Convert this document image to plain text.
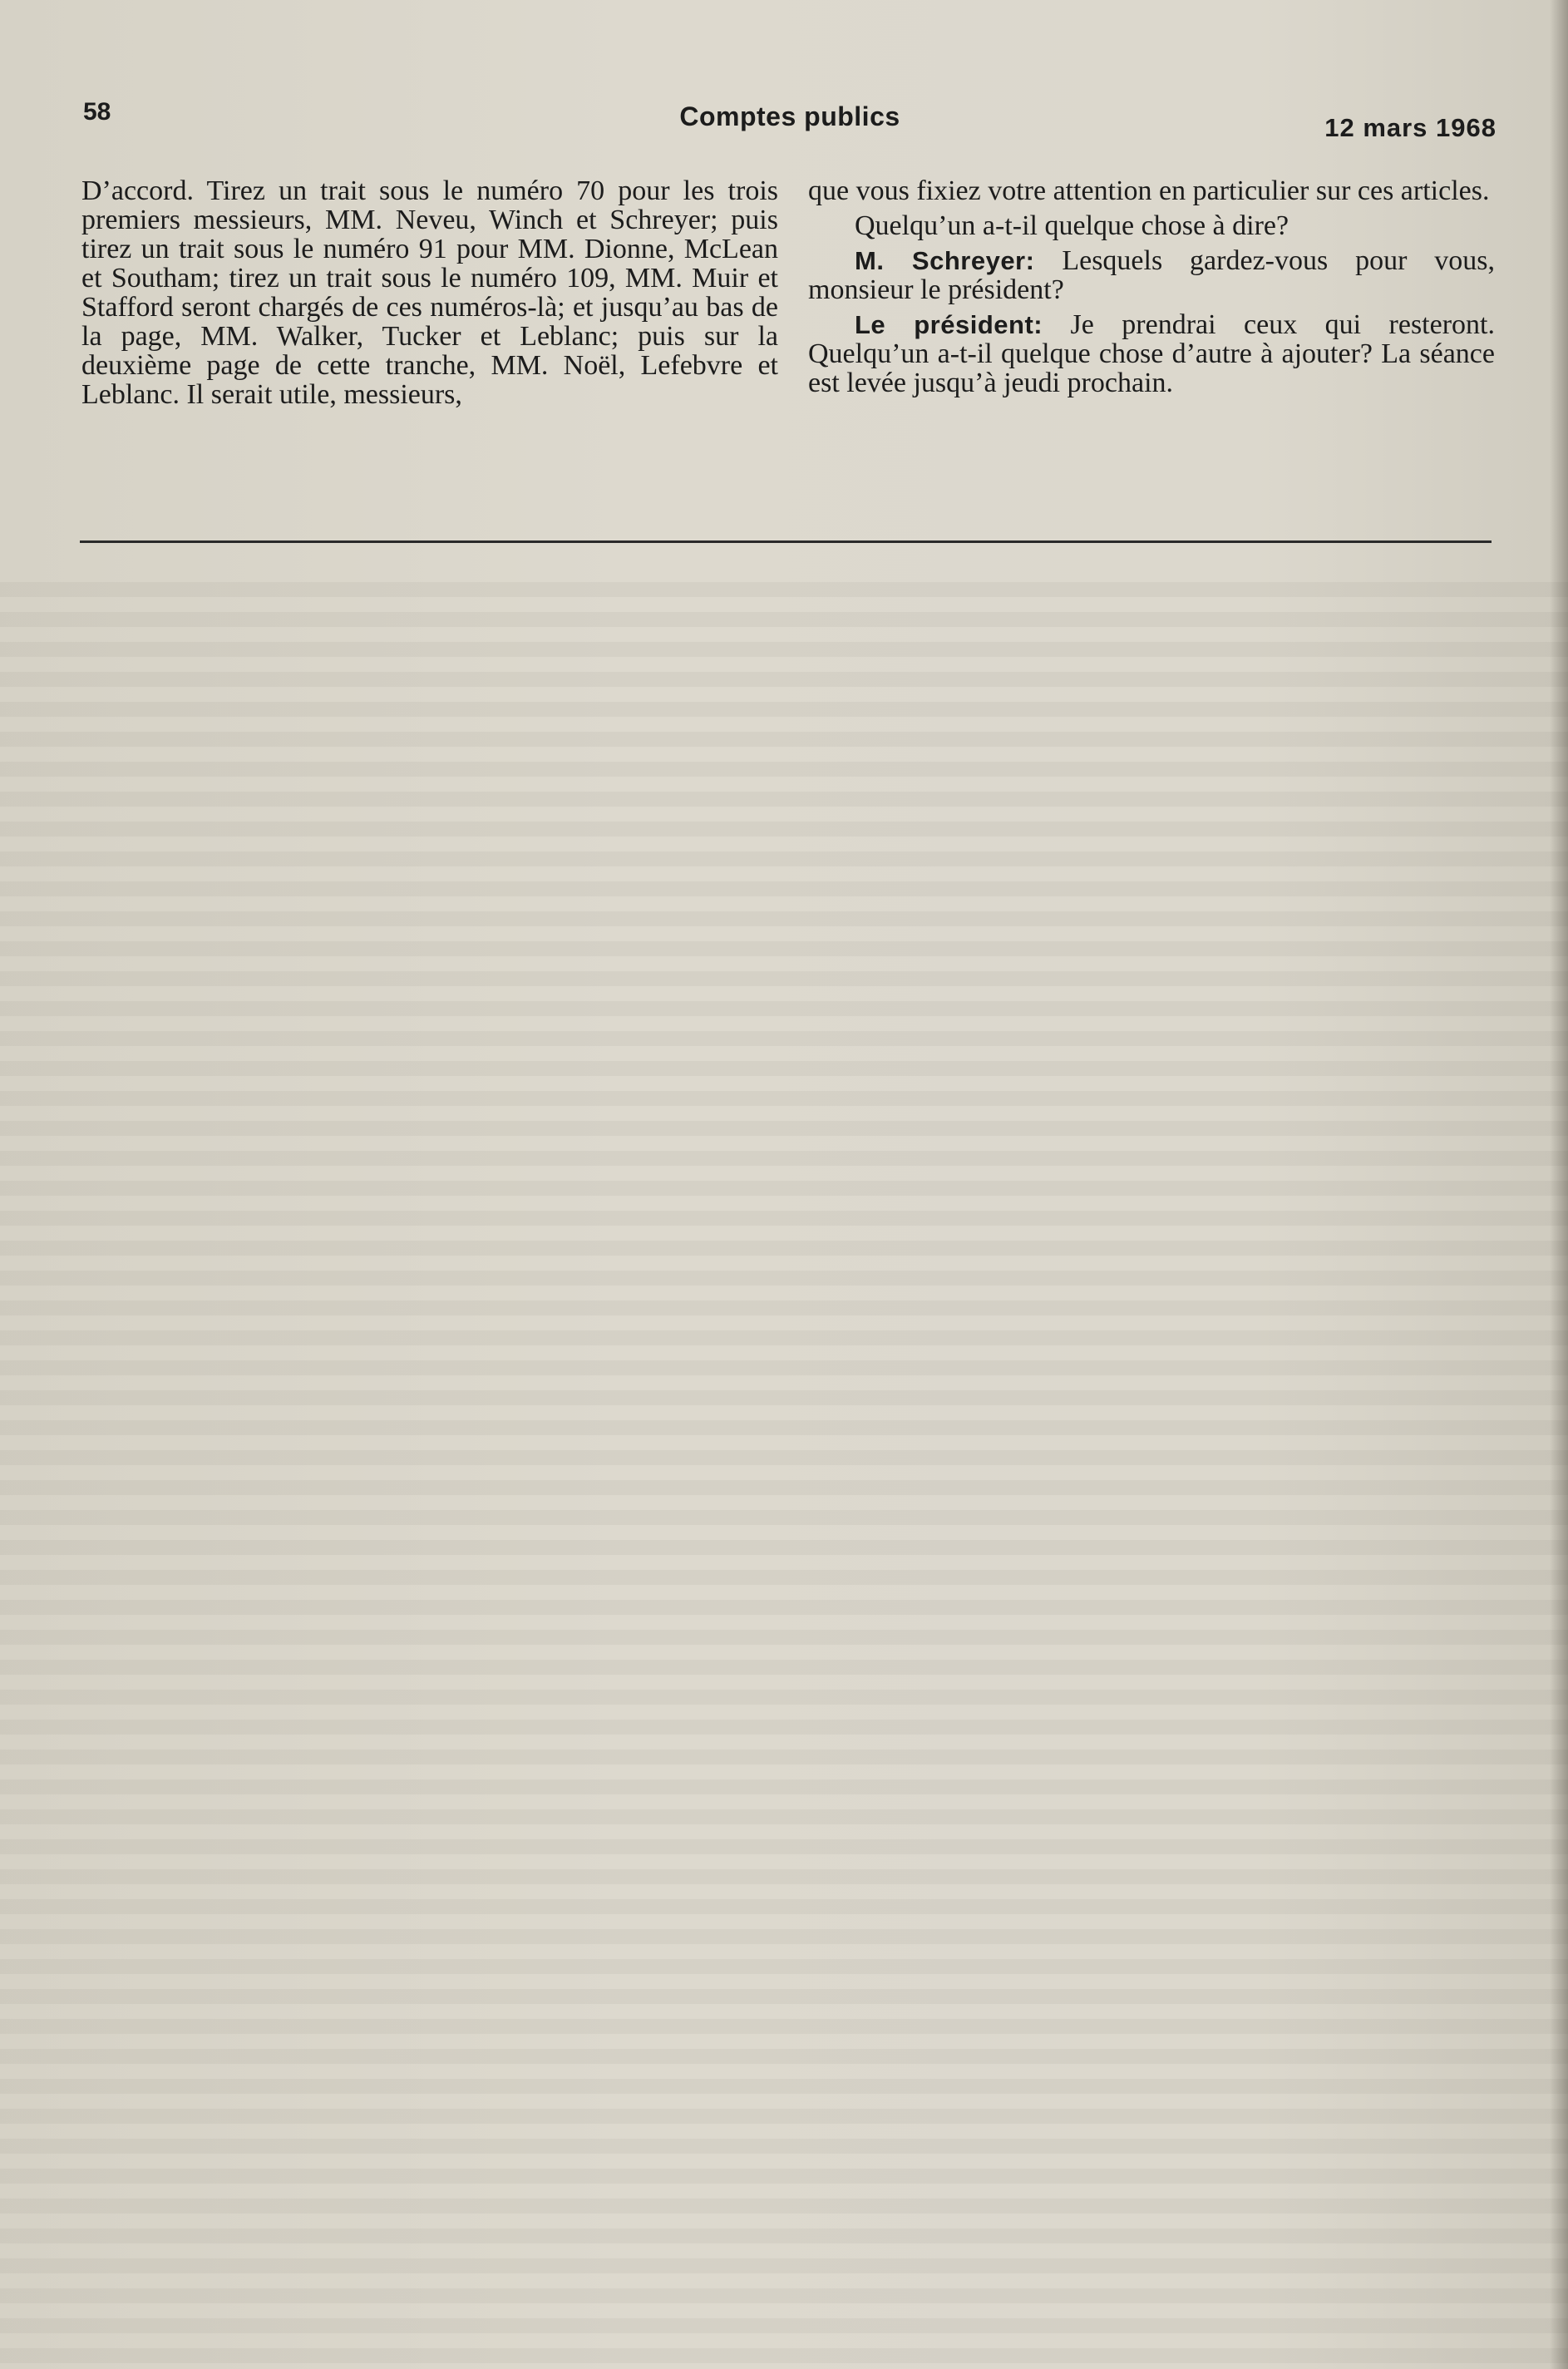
58	Comptes publics	12 mars 1968

D’accord. Tirez un trait sous le numéro 70 pour les trois premiers messieurs, MM. Neveu, Winch et Schreyer; puis tirez un trait sous le numéro 91 pour MM. Dionne, McLean et Southam; tirez un trait sous le numéro 109, MM. Muir et Stafford seront chargés de ces numéros-là; et jusqu’au bas de la page, MM. Walker, Tucker et Leblanc; puis sur la deuxième page de cette tranche, MM. Noël, Lefebvre et Leblanc. Il serait utile, messieurs,

que vous fixiez votre attention en particulier sur ces articles.

Quelqu’un a-t-il quelque chose à dire?

M. Schreyer: Lesquels gardez-vous pour vous, monsieur le président?

Le président: Je prendrai ceux qui resteront. Quelqu’un a-t-il quelque chose d’autre à ajouter? La séance est levée jusqu’à jeudi prochain.
